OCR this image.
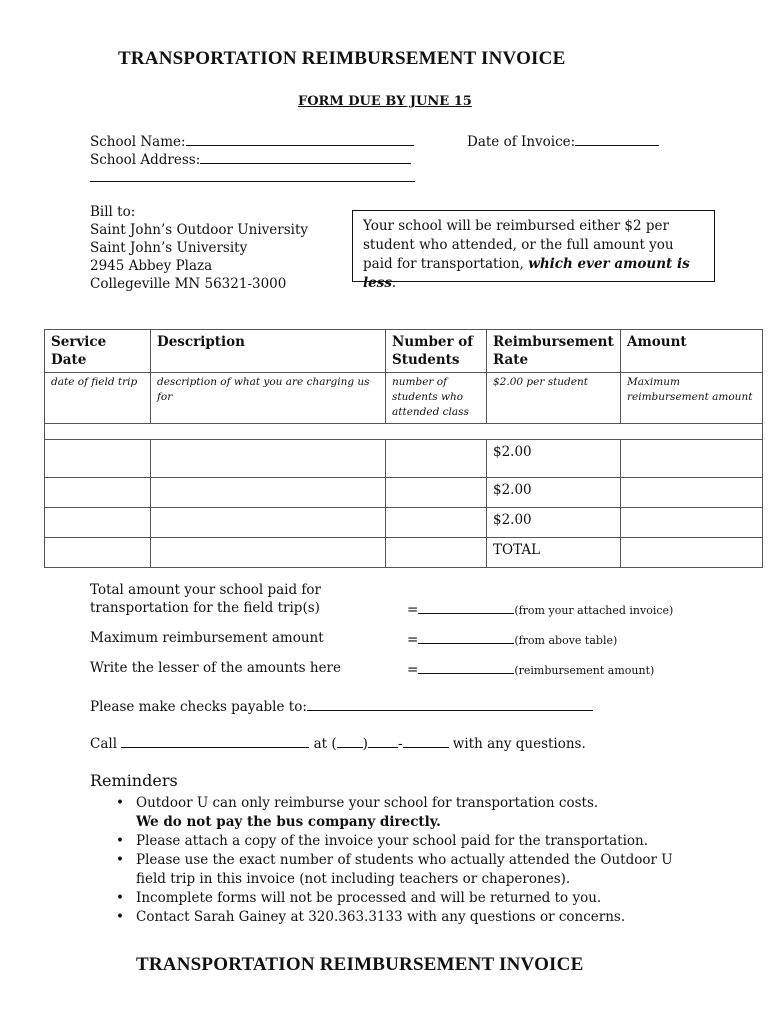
TRANSPORTATION REIMBURSEMENT INVOICE
FORM DUE BY JUNE 15
School Name:	Date of Invoice:
School Address:
Bill to:
Saint John’s Outdoor University
Saint John’s University
2945 Abbey Plaza
Collegeville MN 56321-3000
Your school will be reimbursed either $2 per student who attended, or the full amount you paid for transportation, which ever amount is less.
Service Date	Description	Number of Students	Reimbursement Rate	Amount
date of field trip	description of what you are charging us for	number of students who attended class	$2.00 per student	Maximum reimbursement amount

			$2.00	
			$2.00	
			$2.00	
			TOTAL	
Total amount your school paid for
transportation for the field trip(s)	=	(from your attached invoice)
Maximum reimbursement amount	=	(from above table)
Write the lesser of the amounts here	=	(reimbursement amount)
Please make checks payable to:
Call	at ( ) -	with any questions.
Reminders
• Outdoor U can only reimburse your school for transportation costs.
We do not pay the bus company directly.
• Please attach a copy of the invoice your school paid for the transportation.
• Please use the exact number of students who actually attended the Outdoor U field trip in this invoice (not including teachers or chaperones).
• Incomplete forms will not be processed and will be returned to you.
• Contact Sarah Gainey at 320.363.3133 with any questions or concerns.
TRANSPORTATION REIMBURSEMENT INVOICE
